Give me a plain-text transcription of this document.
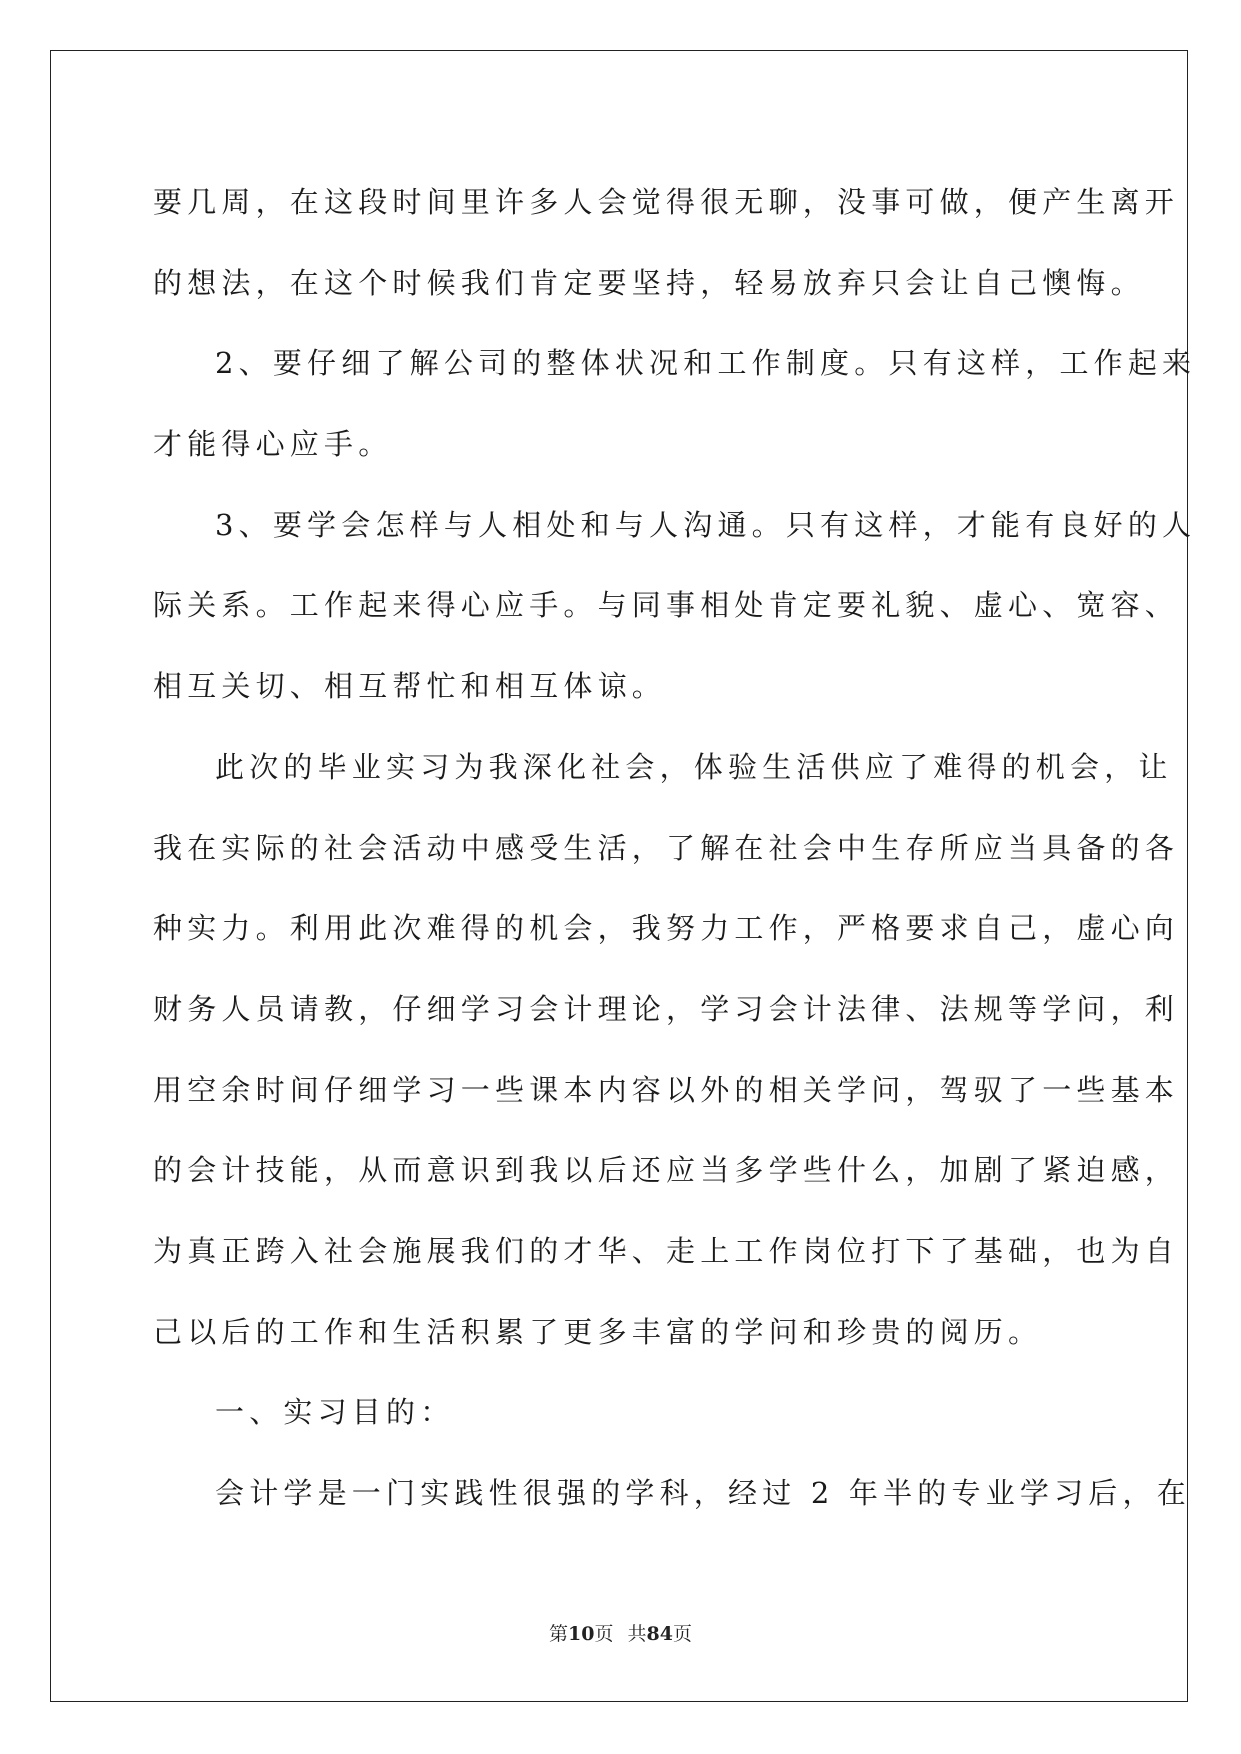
要几周，在这段时间里许多人会觉得很无聊，没事可做，便产生离开
的想法，在这个时候我们肯定要坚持，轻易放弃只会让自己懊悔。
2、要仔细了解公司的整体状况和工作制度。只有这样，工作起来
才能得心应手。
3、要学会怎样与人相处和与人沟通。只有这样，才能有良好的人
际关系。工作起来得心应手。与同事相处肯定要礼貌、虚心、宽容、
相互关切、相互帮忙和相互体谅。
此次的毕业实习为我深化社会，体验生活供应了难得的机会，让
我在实际的社会活动中感受生活，了解在社会中生存所应当具备的各
种实力。利用此次难得的机会，我努力工作，严格要求自己，虚心向
财务人员请教，仔细学习会计理论，学习会计法律、法规等学问，利
用空余时间仔细学习一些课本内容以外的相关学问，驾驭了一些基本
的会计技能，从而意识到我以后还应当多学些什么，加剧了紧迫感，
为真正跨入社会施展我们的才华、走上工作岗位打下了基础，也为自
己以后的工作和生活积累了更多丰富的学问和珍贵的阅历。
一、实习目的：
会计学是一门实践性很强的学科，经过 2 年半的专业学习后，在
第10页 共84页
